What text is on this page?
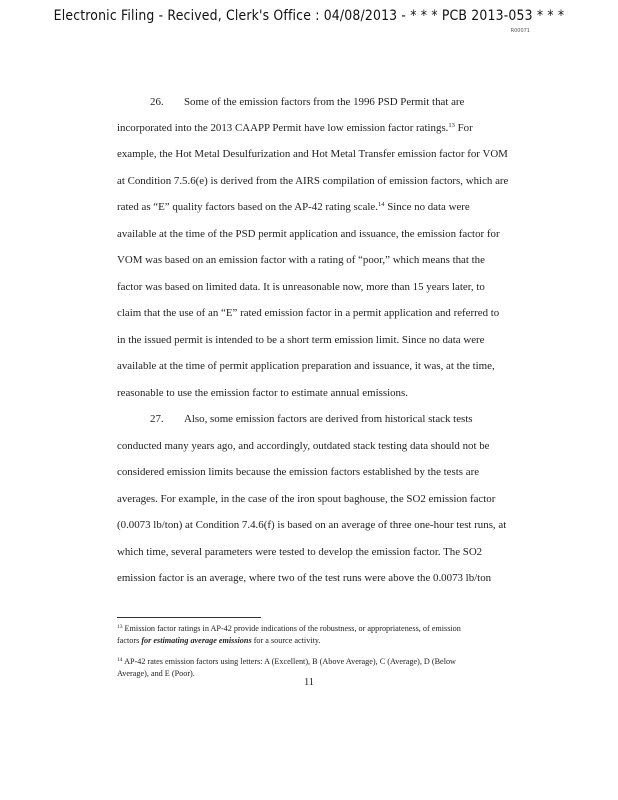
Electronic Filing - Recived, Clerk's Office : 04/08/2013 - * * * PCB 2013-053 * * *
R00071
26. Some of the emission factors from the 1996 PSD Permit that are
incorporated into the 2013 CAAPP Permit have low emission factor ratings.$^{13}$ For
example, the Hot Metal Desulfurization and Hot Metal Transfer emission factor for VOM
at Condition 7.5.6(e) is derived from the AIRS compilation of emission factors, which are
rated as “E” quality factors based on the AP-42 rating scale.$^{14}$ Since no data were
available at the time of the PSD permit application and issuance, the emission factor for
VOM was based on an emission factor with a rating of “poor,” which means that the
factor was based on limited data. It is unreasonable now, more than 15 years later, to
claim that the use of an “E” rated emission factor in a permit application and referred to
in the issued permit is intended to be a short term emission limit. Since no data were
available at the time of permit application preparation and issuance, it was, at the time,
reasonable to use the emission factor to estimate annual emissions.
27. Also, some emission factors are derived from historical stack tests
conducted many years ago, and accordingly, outdated stack testing data should not be
considered emission limits because the emission factors established by the tests are
averages. For example, in the case of the iron spout baghouse, the SO2 emission factor
(0.0073 lb/ton) at Condition 7.4.6(f) is based on an average of three one-hour test runs, at
which time, several parameters were tested to develop the emission factor. The SO2
emission factor is an average, where two of the test runs were above the 0.0073 lb/ton
$^{13}$ Emission factor ratings in AP-42 provide indications of the robustness, or appropriateness, of emission
factors for estimating average emissions for a source activity.
$^{14}$ AP-42 rates emission factors using letters: A (Excellent), B (Above Average), C (Average), D (Below
Average), and E (Poor).
11
